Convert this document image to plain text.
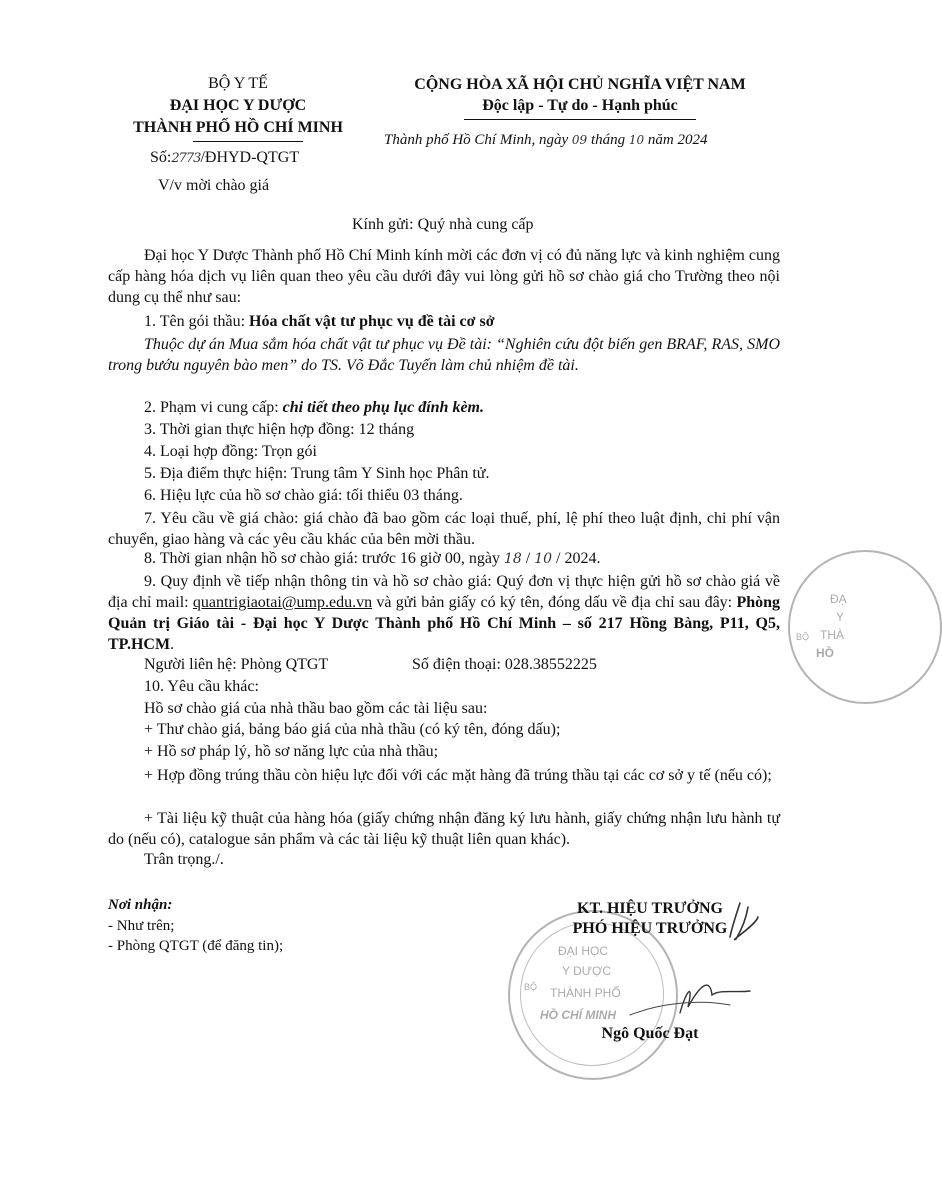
BỘ Y TẾ
ĐẠI HỌC Y DƯỢC
THÀNH PHỐ HỒ CHÍ MINH
Số:2773/ĐHYD-QTGT
V/v mời chào giá
CỘNG HÒA XÃ HỘI CHỦ NGHĨA VIỆT NAM
Độc lập - Tự do - Hạnh phúc
Thành phố Hồ Chí Minh, ngày 09 tháng 10 năm 2024
Kính gửi: Quý nhà cung cấp
Đại học Y Dược Thành phố Hồ Chí Minh kính mời các đơn vị có đủ năng lực và kinh nghiệm cung cấp hàng hóa dịch vụ liên quan theo yêu cầu dưới đây vui lòng gửi hồ sơ chào giá cho Trường theo nội dung cụ thể như sau:
1. Tên gói thầu: Hóa chất vật tư phục vụ đề tài cơ sở
Thuộc dự án Mua sắm hóa chất vật tư phục vụ Đề tài: “Nghiên cứu đột biến gen BRAF, RAS, SMO trong bướu nguyên bào men” do TS. Võ Đắc Tuyến làm chủ nhiệm đề tài.
2. Phạm vi cung cấp: chi tiết theo phụ lục đính kèm.
3. Thời gian thực hiện hợp đồng: 12 tháng
4. Loại hợp đồng: Trọn gói
5. Địa điểm thực hiện: Trung tâm Y Sinh học Phân tử.
6. Hiệu lực của hồ sơ chào giá: tối thiểu 03 tháng.
7. Yêu cầu về giá chào: giá chào đã bao gồm các loại thuế, phí, lệ phí theo luật định, chi phí vận chuyển, giao hàng và các yêu cầu khác của bên mời thầu.
8. Thời gian nhận hồ sơ chào giá: trước 16 giờ 00, ngày 18 / 10 / 2024.
9. Quy định về tiếp nhận thông tin và hồ sơ chào giá: Quý đơn vị thực hiện gửi hồ sơ chào giá về địa chỉ mail: quantrigiaotai@ump.edu.vn và gửi bản giấy có ký tên, đóng dấu về địa chỉ sau đây: Phòng Quản trị Giáo tài - Đại học Y Dược Thành phố Hồ Chí Minh – số 217 Hồng Bàng, P11, Q5, TP.HCM.
Người liên hệ: Phòng QTGT	Số điện thoại: 028.38552225
10. Yêu cầu khác:
Hồ sơ chào giá của nhà thầu bao gồm các tài liệu sau:
+ Thư chào giá, bảng báo giá của nhà thầu (có ký tên, đóng dấu);
+ Hồ sơ pháp lý, hồ sơ năng lực của nhà thầu;
+ Hợp đồng trúng thầu còn hiệu lực đối với các mặt hàng đã trúng thầu tại các cơ sở y tế (nếu có);
+ Tài liệu kỹ thuật của hàng hóa (giấy chứng nhận đăng ký lưu hành, giấy chứng nhận lưu hành tự do (nếu có), catalogue sản phẩm và các tài liệu kỹ thuật liên quan khác).
Trân trọng./.
Nơi nhận:
- Như trên;
- Phòng QTGT (để đăng tin);	ĐẠI HỌC
Y DƯỢC
THÀNH PHỐ
HỒ CHÍ MINH
BỘ
ĐẠ
Y
THÀ
HỒ
BỘ
KT. HIỆU TRƯỞNG
PHÓ HIỆU TRƯỞNG
Ngô Quốc Đạt
